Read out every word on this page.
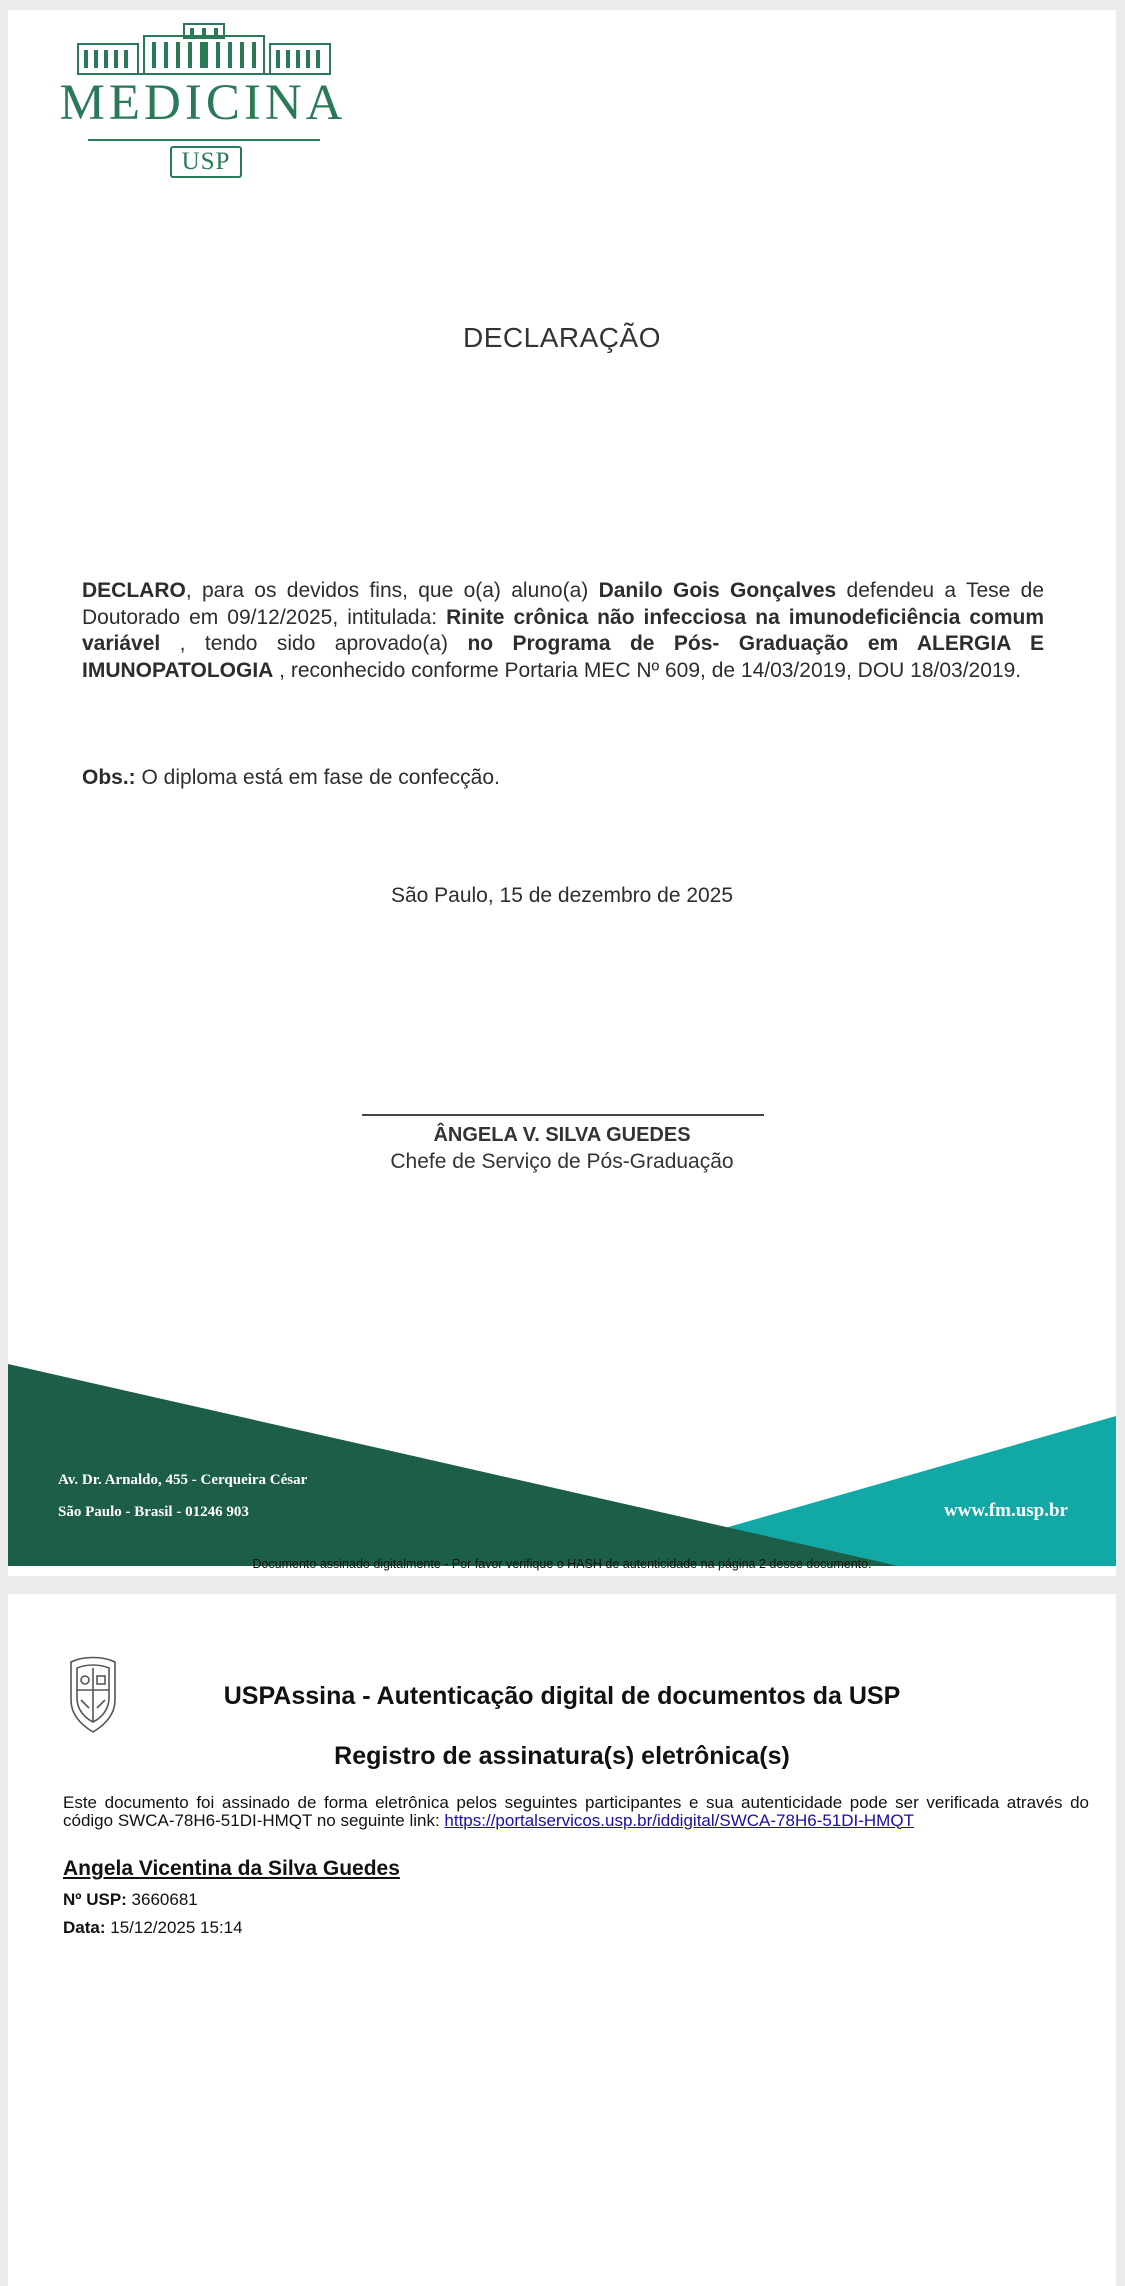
MEDICINA
USP
DECLARAÇÃO
DECLARO, para os devidos fins, que o(a) aluno(a) Danilo Gois Gonçalves defendeu a Tese de Doutorado em 09/12/2025, intitulada: Rinite crônica não infecciosa na imunodeficiência comum variável , tendo sido aprovado(a) no Programa de Pós- Graduação em ALERGIA E IMUNOPATOLOGIA , reconhecido conforme Portaria MEC Nº 609, de 14/03/2019, DOU 18/03/2019.
Obs.: O diploma está em fase de confecção.
São Paulo, 15 de dezembro de 2025
ÂNGELA V. SILVA GUEDES
Chefe de Serviço de Pós-Graduação
Av. Dr. Arnaldo, 455 - Cerqueira César
São Paulo - Brasil - 01246 903	www.fm.usp.br
Documento assinado digitalmente - Por favor verifique o HASH de autenticidade na página 2 desse documento.
USPAssina - Autenticação digital de documentos da USP
Registro de assinatura(s) eletrônica(s)
Este documento foi assinado de forma eletrônica pelos seguintes participantes e sua autenticidade pode ser verificada através do código SWCA-78H6-51DI-HMQT no seguinte link: https://portalservicos.usp.br/iddigital/SWCA-78H6-51DI-HMQT
Angela Vicentina da Silva Guedes
Nº USP: 3660681
Data: 15/12/2025 15:14
